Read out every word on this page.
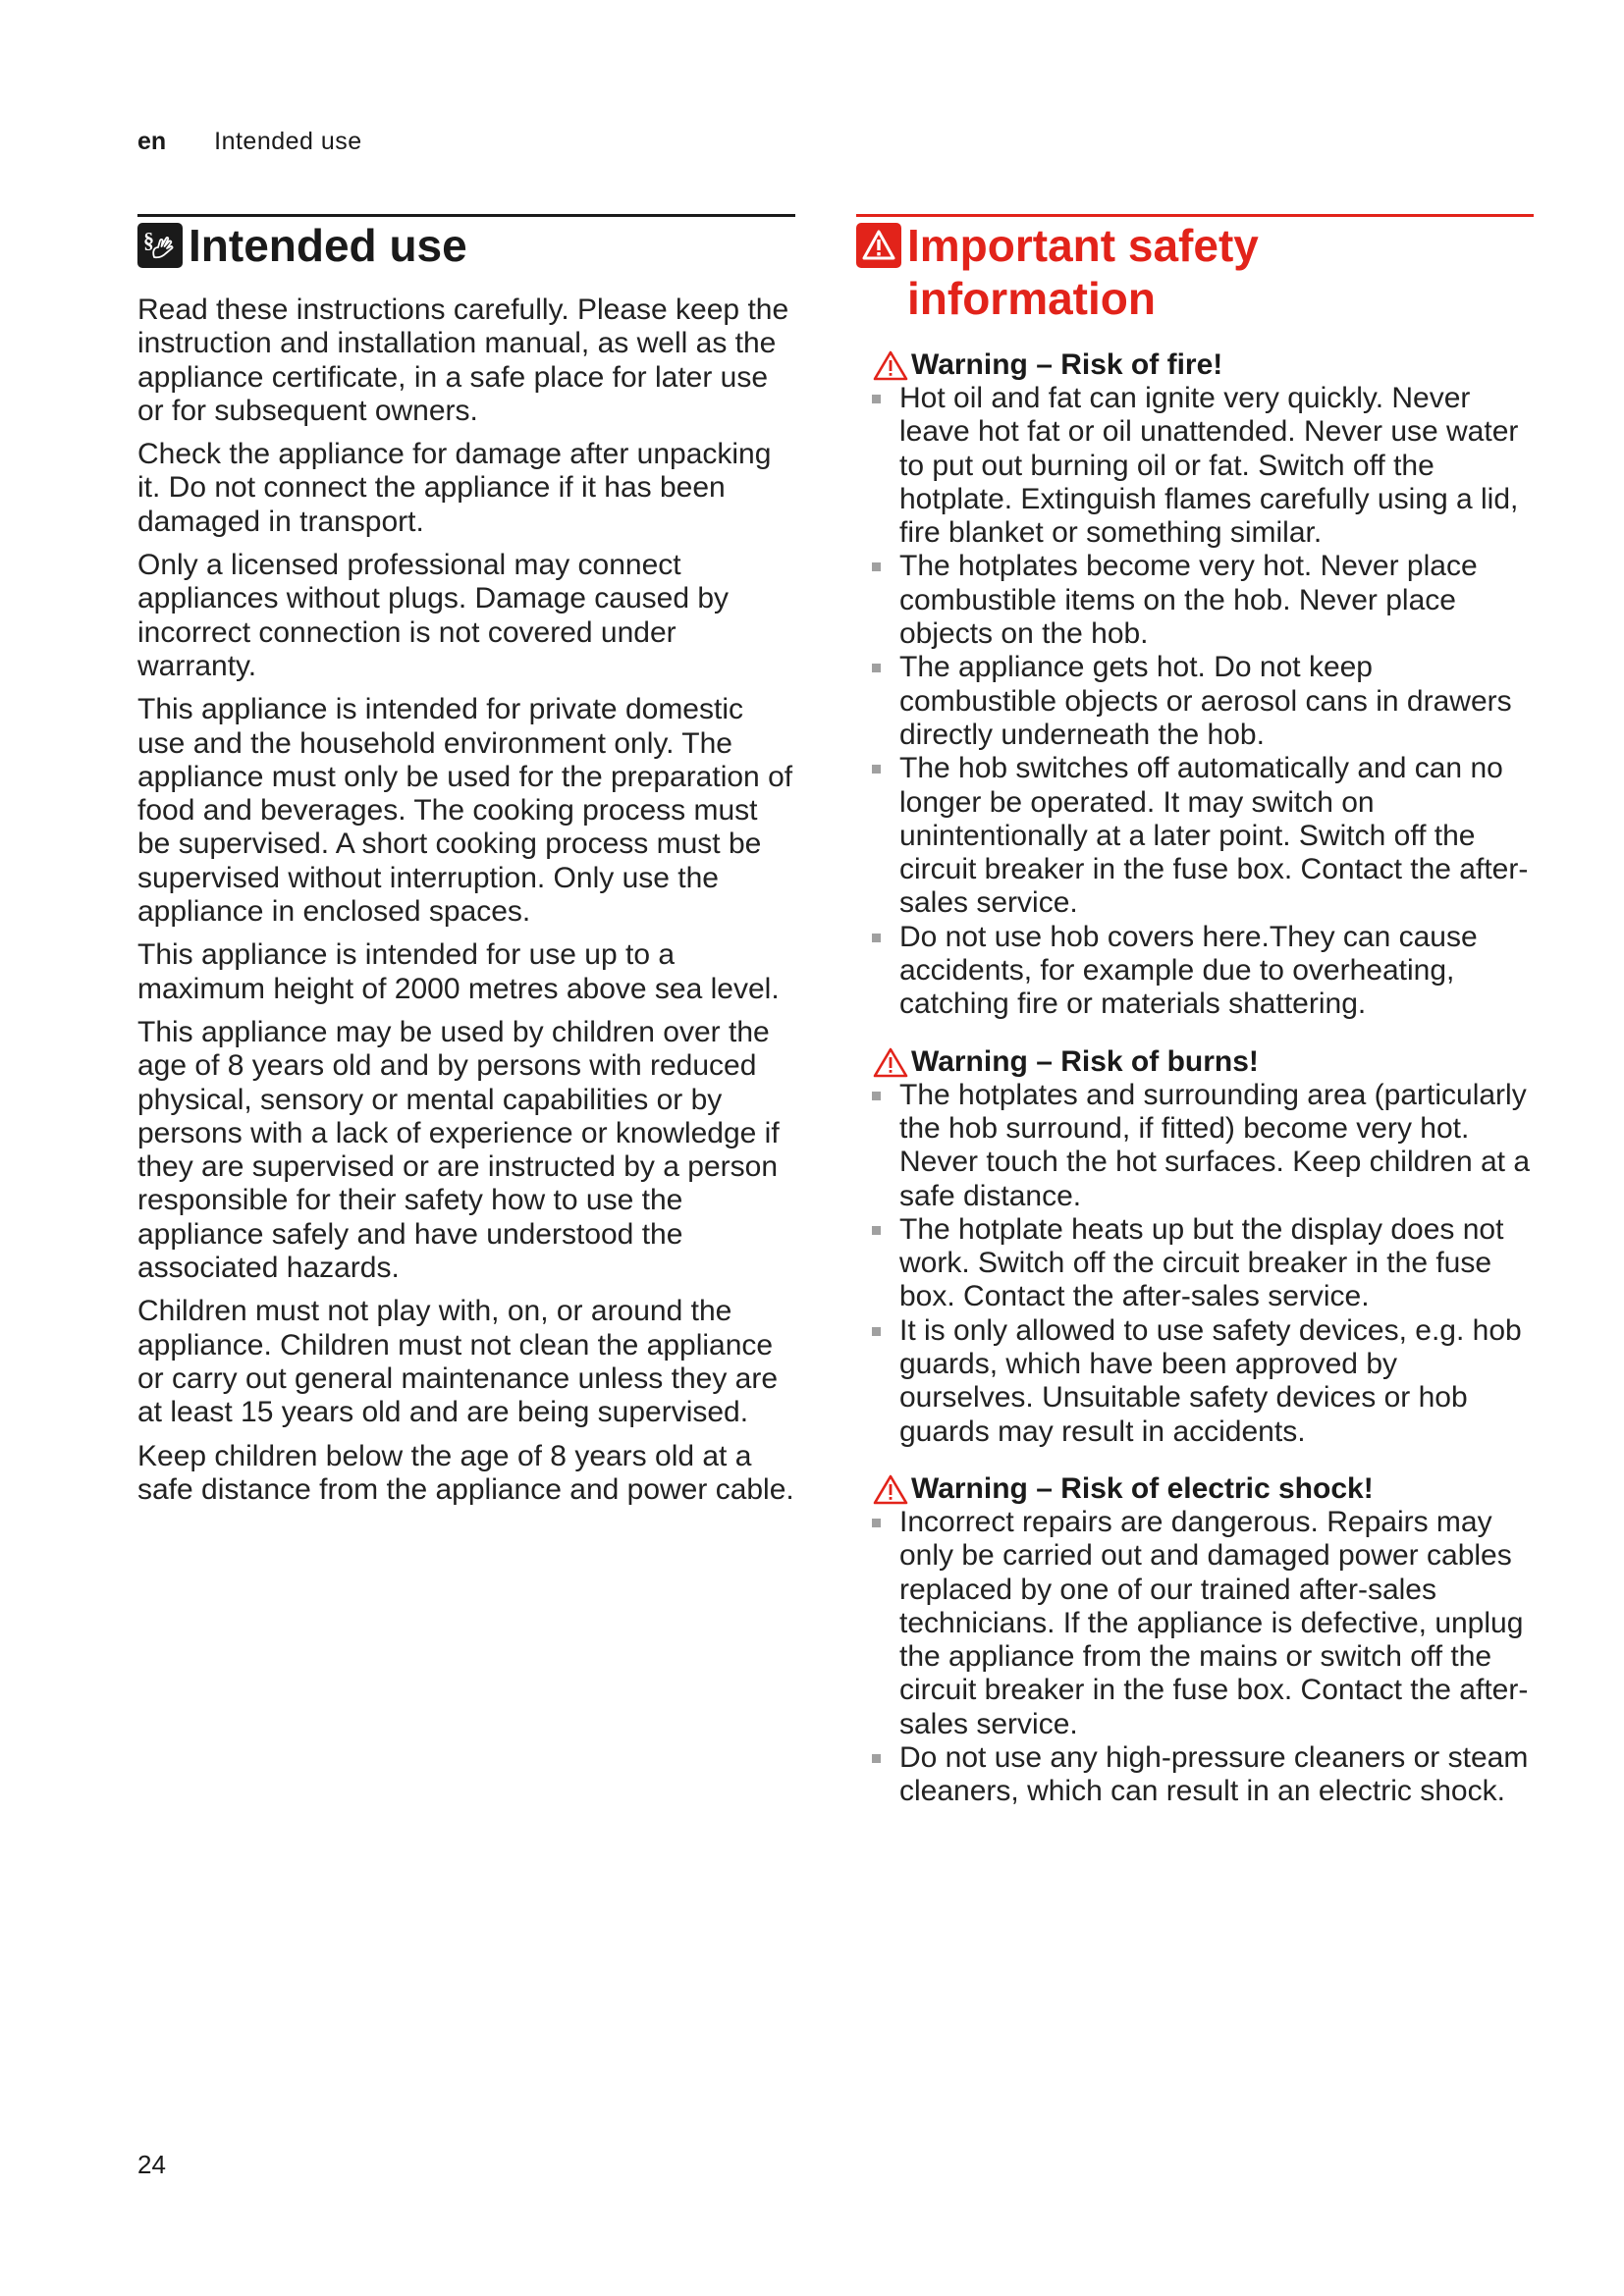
en Intended use
§ Intended use

Read these instructions carefully. Please keep the instruction and installation manual, as well as the appliance certificate, in a safe place for later use or for subsequent owners.

Check the appliance for damage after unpacking it. Do not connect the appliance if it has been damaged in transport.

Only a licensed professional may connect appliances without plugs. Damage caused by incorrect connection is not covered under warranty.

This appliance is intended for private domestic use and the household environment only. The appliance must only be used for the preparation of food and beverages. The cooking process must be supervised. A short cooking process must be supervised without interruption. Only use the appliance in enclosed spaces.

This appliance is intended for use up to a maximum height of 2000 metres above sea level.

This appliance may be used by children over the age of 8 years old and by persons with reduced physical, sensory or mental capabilities or by persons with a lack of experience or knowledge if they are supervised or are instructed by a person responsible for their safety how to use the appliance safely and have understood the associated hazards.

Children must not play with, on, or around the appliance. Children must not clean the appliance or carry out general maintenance unless they are at least 15 years old and are being supervised.

Keep children below the age of 8 years old at a safe distance from the appliance and power cable.

Important safety
information
Warning – Risk of fire!
Hot oil and fat can ignite very quickly. Never leave hot fat or oil unattended. Never use water to put out burning oil or fat. Switch off the hotplate. Extinguish flames carefully using a lid, fire blanket or something similar.
The hotplates become very hot. Never place combustible items on the hob. Never place objects on the hob.
The appliance gets hot. Do not keep combustible objects or aerosol cans in drawers directly underneath the hob.
The hob switches off automatically and can no longer be operated. It may switch on unintentionally at a later point. Switch off the circuit breaker in the fuse box. Contact the after-sales service.
Do not use hob covers here.They can cause accidents, for example due to overheating, catching fire or materials shattering.
Warning – Risk of burns!
The hotplates and surrounding area (particularly the hob surround, if fitted) become very hot. Never touch the hot surfaces. Keep children at a safe distance.
The hotplate heats up but the display does not work. Switch off the circuit breaker in the fuse box. Contact the after-sales service.
It is only allowed to use safety devices, e.g. hob guards, which have been approved by ourselves. Unsuitable safety devices or hob guards may result in accidents.
Warning – Risk of electric shock!
Incorrect repairs are dangerous. Repairs may only be carried out and damaged power cables replaced by one of our trained after-sales technicians. If the appliance is defective, unplug the appliance from the mains or switch off the circuit breaker in the fuse box. Contact the after-sales service.
Do not use any high-pressure cleaners or steam cleaners, which can result in an electric shock.
24
